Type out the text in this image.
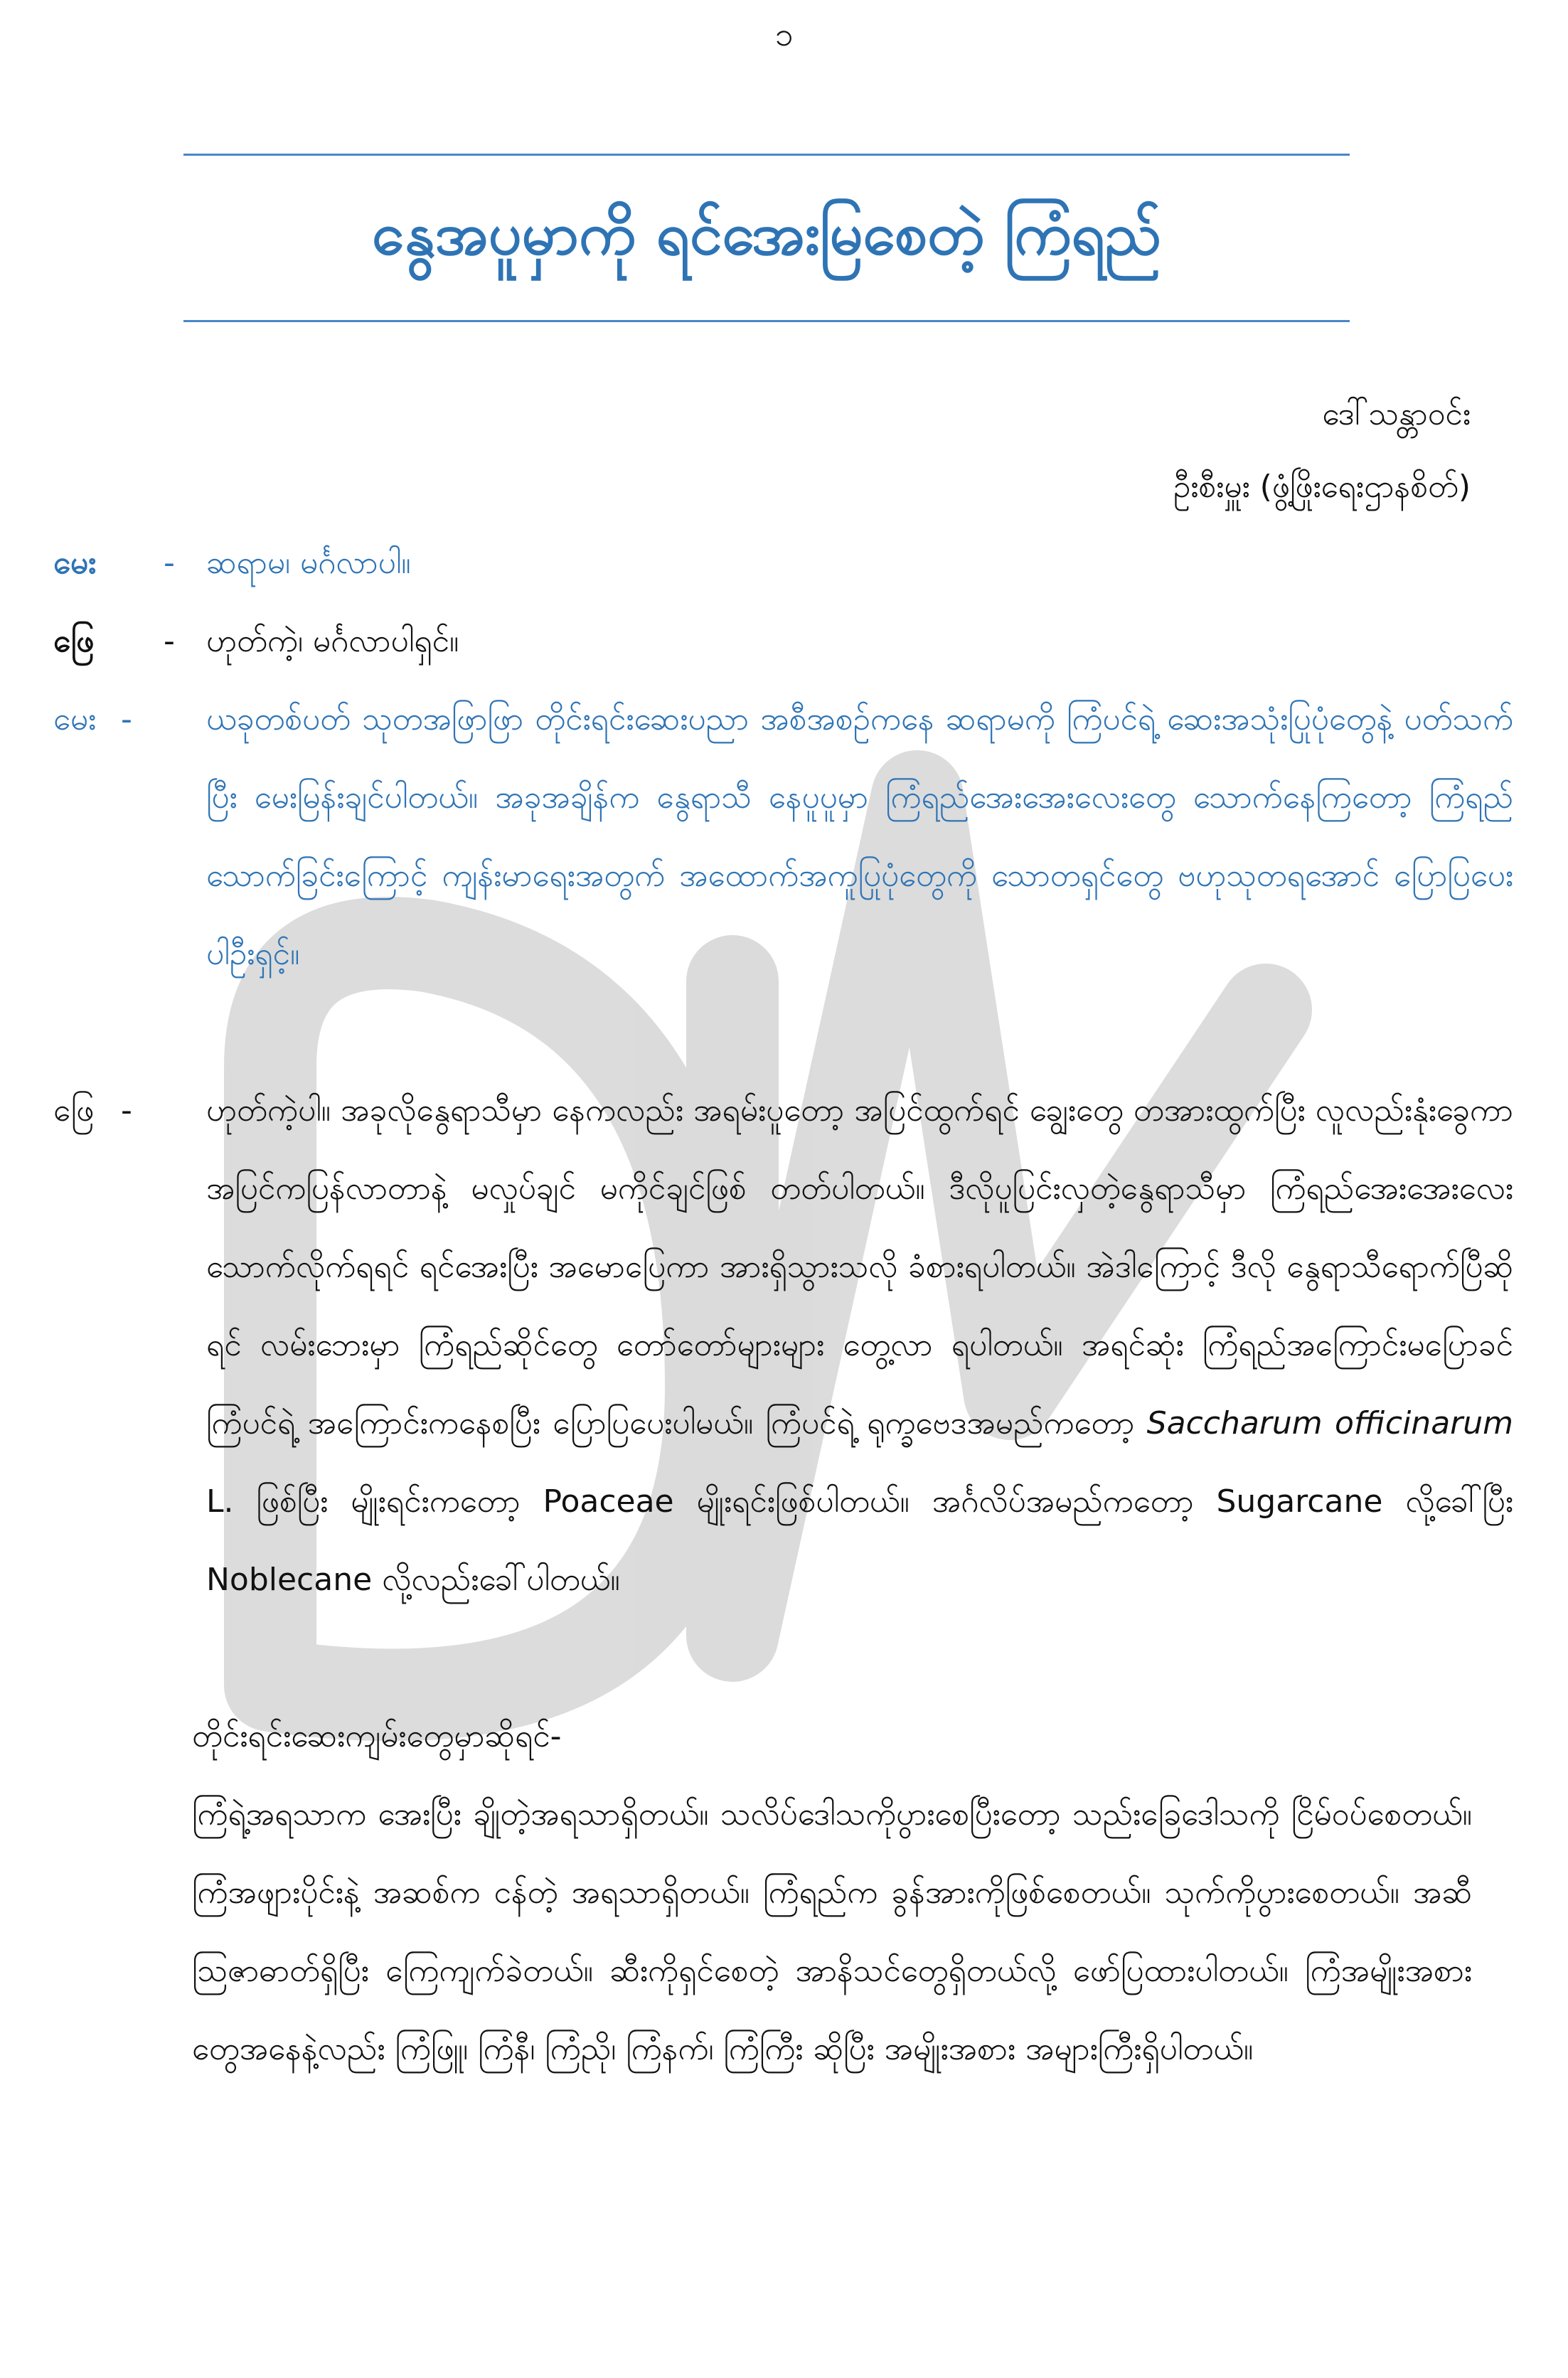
၁
နွေအပူမှာကို ရင်အေးမြစေတဲ့ ကြံရည်
ဒေါ်သန္တာဝင်း
ဦးစီးမှူး (ဖွံ့ဖြိုးရေးဌာနစိတ်)
မေး	- ဆရာမ၊ မင်္ဂလာပါ။
ဖြေ	- ဟုတ်ကဲ့၊ မင်္ဂလာပါရှင်။
မေး - ယခုတစ်ပတ် သုတအဖြာဖြာ တိုင်းရင်းဆေးပညာ အစီအစဉ်ကနေ ဆရာမကို ကြံပင်ရဲ့ ဆေးအသုံးပြုပုံတွေနဲ့ ပတ်သက်ပြီး မေးမြန်းချင်ပါတယ်။ အခုအချိန်က နွေရာသီ နေပူပူမှာ ကြံရည်အေးအေးလေးတွေ သောက်နေကြတော့ ကြံရည်သောက်ခြင်းကြောင့် ကျန်းမာရေးအတွက် အထောက်အကူပြုပုံတွေကို သောတရှင်တွေ ဗဟုသုတရအောင် ပြောပြပေးပါဦးရှင့်။
ဖြေ - ဟုတ်ကဲ့ပါ။ အခုလိုနွေရာသီမှာ နေကလည်း အရမ်းပူတော့ အပြင်ထွက်ရင် ချွေးတွေ တအားထွက်ပြီး လူလည်းနုံးခွေကာ အပြင်ကပြန်လာတာနဲ့ မလှုပ်ချင် မကိုင်ချင်ဖြစ် တတ်ပါတယ်။ ဒီလိုပူပြင်းလှတဲ့နွေရာသီမှာ ကြံရည်အေးအေးလေးသောက်လိုက်ရရင် ရင်အေးပြီး အမောပြေကာ အားရှိသွားသလို ခံစားရပါတယ်။ အဲဒါကြောင့် ဒီလို နွေရာသီရောက်ပြီဆိုရင် လမ်းဘေးမှာ ကြံရည်ဆိုင်တွေ တော်တော်များများ တွေ့လာ ရပါတယ်။ အရင်ဆုံး ကြံရည်အကြောင်းမပြောခင် ကြံပင်ရဲ့ အကြောင်းကနေစပြီး ပြောပြပေးပါမယ်။ ကြံပင်ရဲ့ ရုက္ခဗေဒအမည်ကတော့ Saccharum officinarum L. ဖြစ်ပြီး မျိုးရင်းကတော့ Poaceae မျိုးရင်းဖြစ်ပါတယ်။ အင်္ဂလိပ်အမည်ကတော့ Sugarcane လို့ခေါ်ပြီး Noblecane လို့လည်းခေါ်ပါတယ်။
တိုင်းရင်းဆေးကျမ်းတွေမှာဆိုရင်-
ကြံရဲ့အရသာက အေးပြီး ချိုတဲ့အရသာရှိတယ်။ သလိပ်ဒေါသကိုပွားစေပြီးတော့ သည်းခြေဒေါသကို ငြိမ်ဝပ်စေတယ်။ ကြံအဖျားပိုင်းနဲ့ အဆစ်က ငန်တဲ့ အရသာရှိတယ်။ ကြံရည်က ခွန်အားကိုဖြစ်စေတယ်။ သုက်ကိုပွားစေတယ်။ အဆီသြဇာဓာတ်ရှိပြီး ကြေကျက်ခဲတယ်။ ဆီးကိုရှင်စေတဲ့ အာနိသင်တွေရှိတယ်လို့ ဖော်ပြထားပါတယ်။ ကြံအမျိုးအစားတွေအနေနဲ့လည်း ကြံဖြူ၊ ကြံနီ၊ ကြံညို၊ ကြံနက်၊ ကြံကြီး ဆိုပြီး အမျိုးအစား အများကြီးရှိပါတယ်။
